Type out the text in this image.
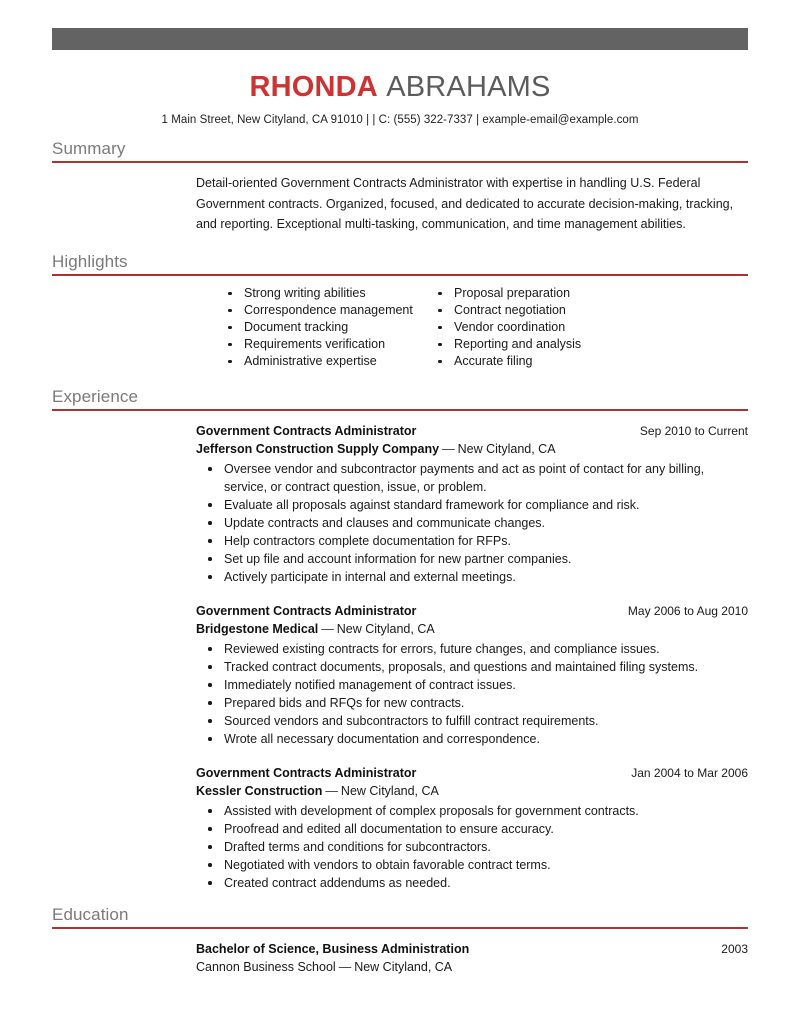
RHONDA ABRAHAMS
1 Main Street, New Cityland, CA 91010 | | C: (555) 322-7337 | example-email@example.com
Summary
Detail-oriented Government Contracts Administrator with expertise in handling U.S. Federal Government contracts. Organized, focused, and dedicated to accurate decision-making, tracking, and reporting. Exceptional multi-tasking, communication, and time management abilities.
Highlights
Strong writing abilities
Correspondence management
Document tracking
Requirements verification
Administrative expertise
Proposal preparation
Contract negotiation
Vendor coordination
Reporting and analysis
Accurate filing
Experience
Government Contracts Administrator	Sep 2010 to Current
Jefferson Construction Supply Company — New Cityland, CA
Oversee vendor and subcontractor payments and act as point of contact for any billing, service, or contract question, issue, or problem.
Evaluate all proposals against standard framework for compliance and risk.
Update contracts and clauses and communicate changes.
Help contractors complete documentation for RFPs.
Set up file and account information for new partner companies.
Actively participate in internal and external meetings.
Government Contracts Administrator	May 2006 to Aug 2010
Bridgestone Medical — New Cityland, CA
Reviewed existing contracts for errors, future changes, and compliance issues.
Tracked contract documents, proposals, and questions and maintained filing systems.
Immediately notified management of contract issues.
Prepared bids and RFQs for new contracts.
Sourced vendors and subcontractors to fulfill contract requirements.
Wrote all necessary documentation and correspondence.
Government Contracts Administrator	Jan 2004 to Mar 2006
Kessler Construction — New Cityland, CA
Assisted with development of complex proposals for government contracts.
Proofread and edited all documentation to ensure accuracy.
Drafted terms and conditions for subcontractors.
Negotiated with vendors to obtain favorable contract terms.
Created contract addendums as needed.
Education
Bachelor of Science, Business Administration	2003
Cannon Business School — New Cityland, CA
